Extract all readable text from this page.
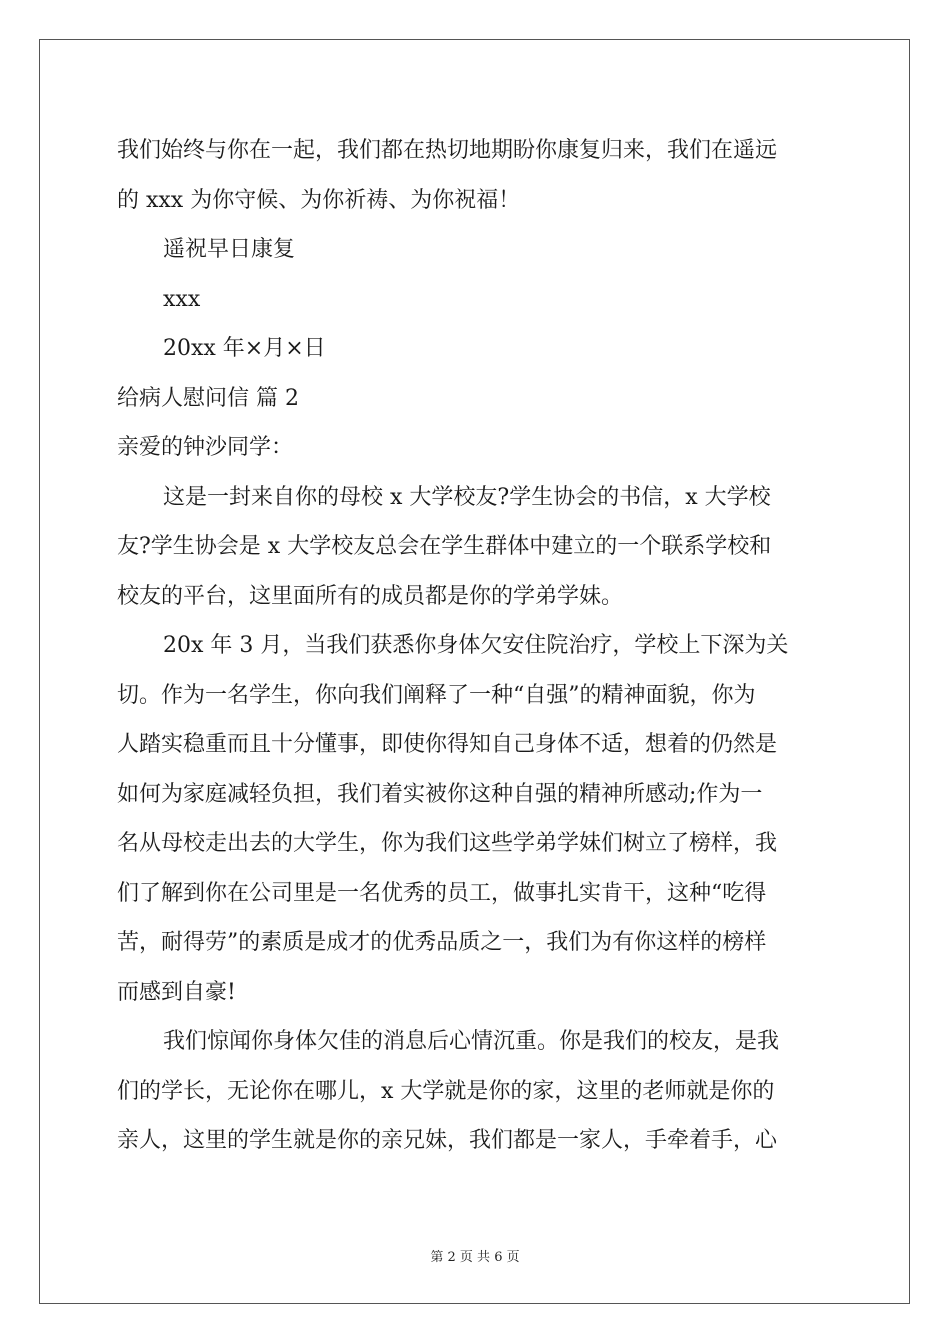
我们始终与你在一起，我们都在热切地期盼你康复归来，我们在遥远
的 xxx 为你守候、为你祈祷、为你祝福！
遥祝早日康复
xxx
20xx 年×月×日
给病人慰问信 篇 2
亲爱的钟沙同学：
这是一封来自你的母校 x 大学校友?学生协会的书信，x 大学校
友?学生协会是 x 大学校友总会在学生群体中建立的一个联系学校和
校友的平台，这里面所有的成员都是你的学弟学妹。
20x 年 3 月，当我们获悉你身体欠安住院治疗，学校上下深为关
切。作为一名学生，你向我们阐释了一种“自强”的精神面貌，你为
人踏实稳重而且十分懂事，即使你得知自己身体不适，想着的仍然是
如何为家庭减轻负担，我们着实被你这种自强的精神所感动;作为一
名从母校走出去的大学生，你为我们这些学弟学妹们树立了榜样，我
们了解到你在公司里是一名优秀的员工，做事扎实肯干，这种“吃得
苦，耐得劳”的素质是成才的优秀品质之一，我们为有你这样的榜样
而感到自豪!
我们惊闻你身体欠佳的消息后心情沉重。你是我们的校友，是我
们的学长，无论你在哪儿，x 大学就是你的家，这里的老师就是你的
亲人，这里的学生就是你的亲兄妹，我们都是一家人，手牵着手，心
第 2 页 共 6 页
